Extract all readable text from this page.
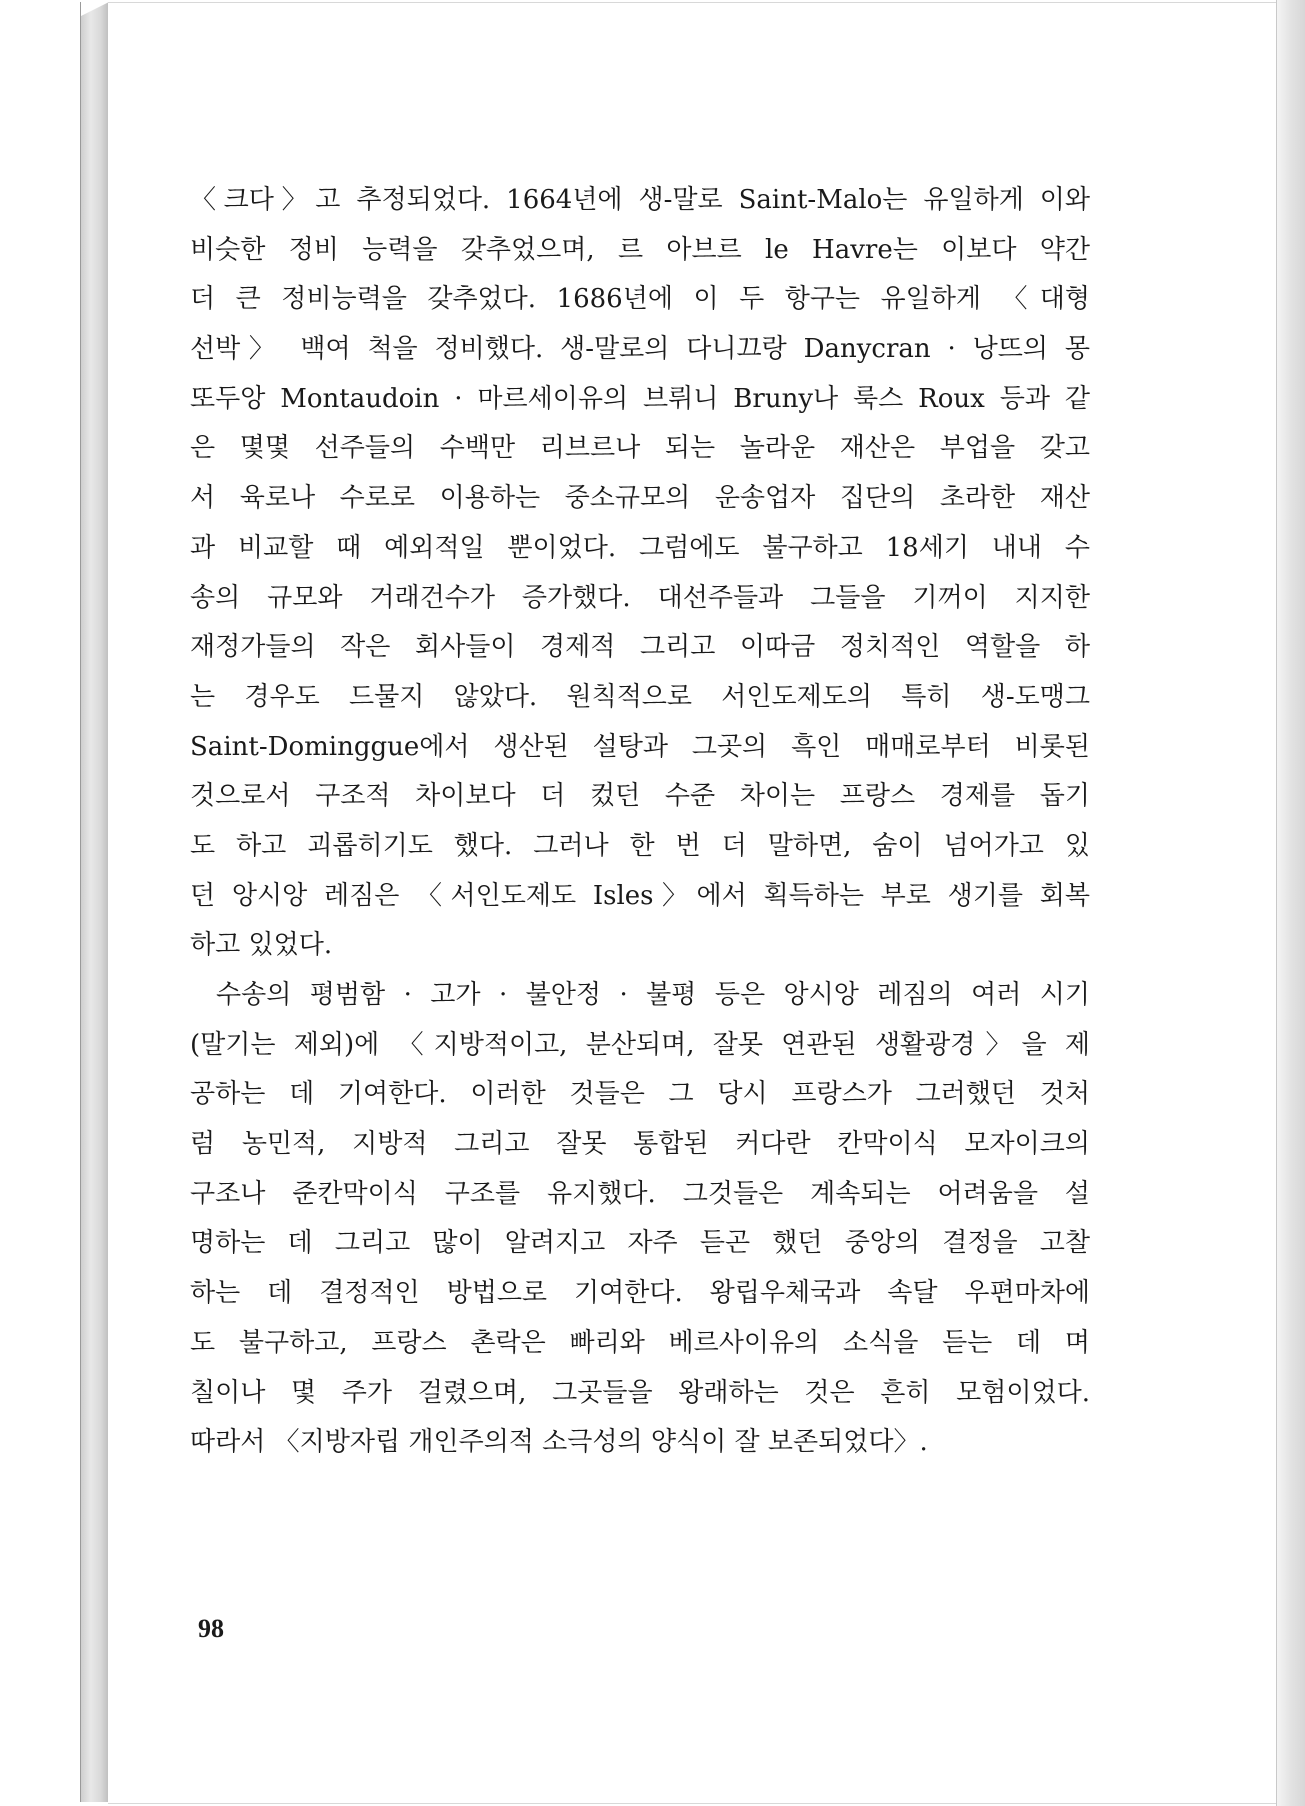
〈크다〉고 추정되었다. 1664년에 생-말로 Saint-Malo는 유일하게 이와
비슷한 정비 능력을 갖추었으며, 르 아브르 le Havre는 이보다 약간
더 큰 정비능력을 갖추었다. 1686년에 이 두 항구는 유일하게 〈대형
선박〉 백여 척을 정비했다. 생-말로의 다니끄랑 Danycran · 낭뜨의 몽
또두앙 Montaudoin · 마르세이유의 브뤼니 Bruny나 룩스 Roux 등과 같
은 몇몇 선주들의 수백만 리브르나 되는 놀라운 재산은 부업을 갖고
서 육로나 수로로 이용하는 중소규모의 운송업자 집단의 초라한 재산
과 비교할 때 예외적일 뿐이었다. 그럼에도 불구하고 18세기 내내 수
송의 규모와 거래건수가 증가했다. 대선주들과 그들을 기꺼이 지지한
재정가들의 작은 회사들이 경제적 그리고 이따금 정치적인 역할을 하
는 경우도 드물지 않았다. 원칙적으로 서인도제도의 특히 생-도맹그
Saint-Dominggue에서 생산된 설탕과 그곳의 흑인 매매로부터 비롯된
것으로서 구조적 차이보다 더 컸던 수준 차이는 프랑스 경제를 돕기
도 하고 괴롭히기도 했다. 그러나 한 번 더 말하면, 숨이 넘어가고 있
던 앙시앙 레짐은 〈서인도제도 Isles〉에서 획득하는 부로 생기를 회복
하고 있었다.
수송의 평범함 · 고가 · 불안정 · 불평 등은 앙시앙 레짐의 여러 시기
(말기는 제외)에 〈지방적이고, 분산되며, 잘못 연관된 생활광경〉을 제
공하는 데 기여한다. 이러한 것들은 그 당시 프랑스가 그러했던 것처
럼 농민적, 지방적 그리고 잘못 통합된 커다란 칸막이식 모자이크의
구조나 준칸막이식 구조를 유지했다. 그것들은 계속되는 어려움을 설
명하는 데 그리고 많이 알려지고 자주 듣곤 했던 중앙의 결정을 고찰
하는 데 결정적인 방법으로 기여한다. 왕립우체국과 속달 우편마차에
도 불구하고, 프랑스 촌락은 빠리와 베르사이유의 소식을 듣는 데 며
칠이나 몇 주가 걸렸으며, 그곳들을 왕래하는 것은 흔히 모험이었다.
따라서 〈지방자립 개인주의적 소극성의 양식이 잘 보존되었다〉.
98
